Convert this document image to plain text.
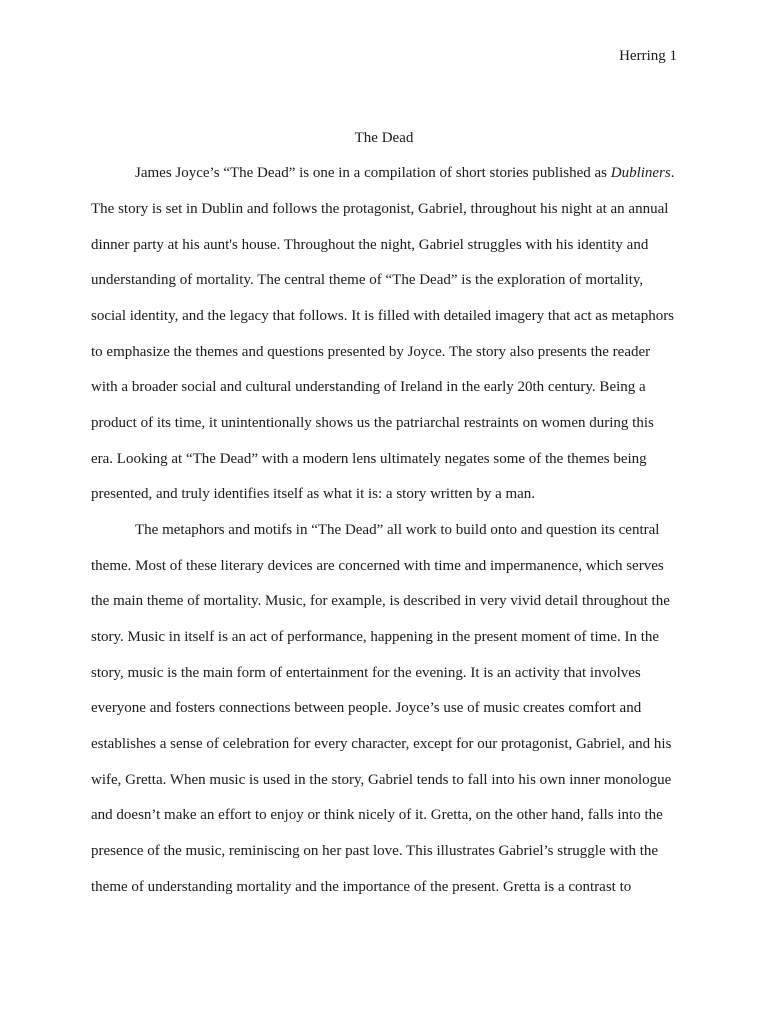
Herring 1
The Dead
James Joyce’s “The Dead” is one in a compilation of short stories published as Dubliners.
The story is set in Dublin and follows the protagonist, Gabriel, throughout his night at an annual
dinner party at his aunt's house. Throughout the night, Gabriel struggles with his identity and
understanding of mortality. The central theme of “The Dead” is the exploration of mortality,
social identity, and the legacy that follows. It is filled with detailed imagery that act as metaphors
to emphasize the themes and questions presented by Joyce. The story also presents the reader
with a broader social and cultural understanding of Ireland in the early 20th century. Being a
product of its time, it unintentionally shows us the patriarchal restraints on women during this
era. Looking at “The Dead” with a modern lens ultimately negates some of the themes being
presented, and truly identifies itself as what it is: a story written by a man.
The metaphors and motifs in “The Dead” all work to build onto and question its central
theme. Most of these literary devices are concerned with time and impermanence, which serves
the main theme of mortality. Music, for example, is described in very vivid detail throughout the
story. Music in itself is an act of performance, happening in the present moment of time. In the
story, music is the main form of entertainment for the evening. It is an activity that involves
everyone and fosters connections between people. Joyce’s use of music creates comfort and
establishes a sense of celebration for every character, except for our protagonist, Gabriel, and his
wife, Gretta. When music is used in the story, Gabriel tends to fall into his own inner monologue
and doesn’t make an effort to enjoy or think nicely of it. Gretta, on the other hand, falls into the
presence of the music, reminiscing on her past love. This illustrates Gabriel’s struggle with the
theme of understanding mortality and the importance of the present. Gretta is a contrast to
